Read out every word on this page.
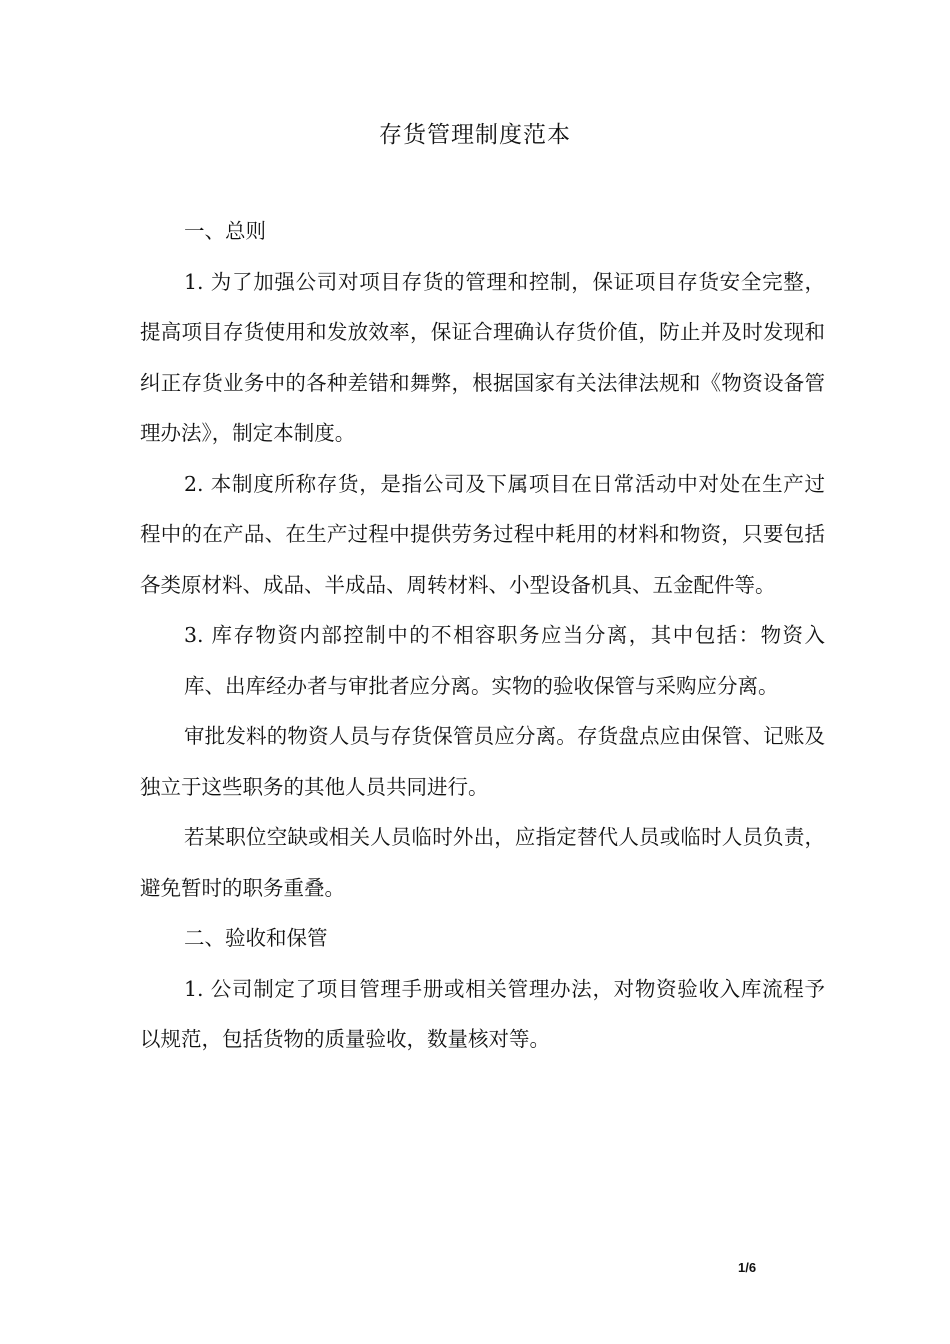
存货管理制度范本

一、总则

1. 为了加强公司对项目存货的管理和控制，保证项目存货安全完整，提高项目存货使用和发放效率，保证合理确认存货价值，防止并及时发现和纠正存货业务中的各种差错和舞弊，根据国家有关法律法规和《物资设备管理办法》，制定本制度。

2. 本制度所称存货，是指公司及下属项目在日常活动中对处在生产过程中的在产品、在生产过程中提供劳务过程中耗用的材料和物资，只要包括各类原材料、成品、半成品、周转材料、小型设备机具、五金配件等。

3. 库存物资内部控制中的不相容职务应当分离，其中包括：物资入库、出库经办者与审批者应分离。实物的验收保管与采购应分离。

审批发料的物资人员与存货保管员应分离。存货盘点应由保管、记账及独立于这些职务的其他人员共同进行。

若某职位空缺或相关人员临时外出，应指定替代人员或临时人员负责，避免暂时的职务重叠。

二、验收和保管

1. 公司制定了项目管理手册或相关管理办法，对物资验收入库流程予以规范，包括货物的质量验收，数量核对等。

1/6
